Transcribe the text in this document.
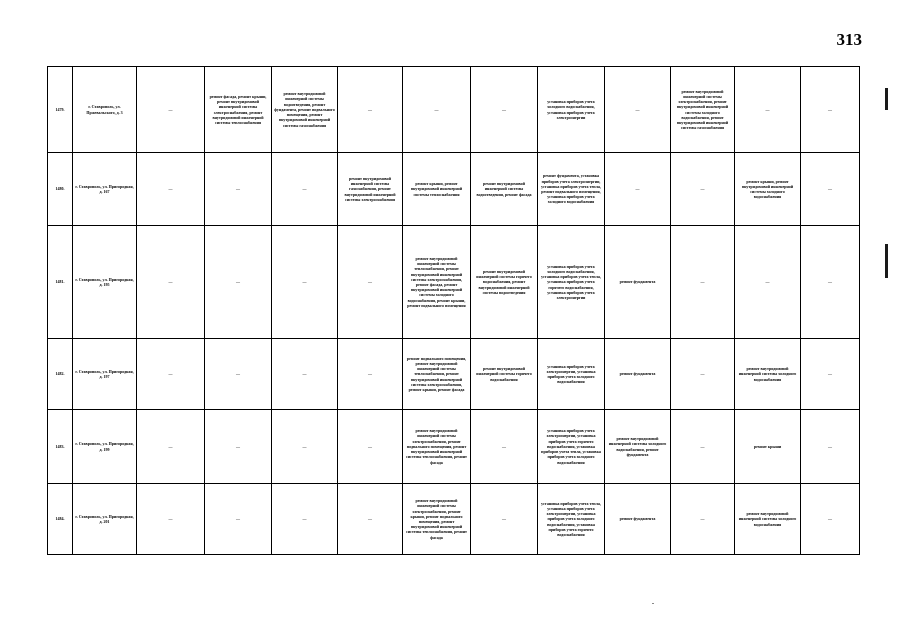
313
1479.	г. Ставрополь, ул. Пржевальского, д. 3	—	ремонт фасада, ремонт крыши, ремонт внутридомовой инженерной системы электроснабжения, ремонт внутридомовой инженерной системы теплоснабжения	ремонт внутридомовой инженерной системы водоотведения, ремонт фундамента, ремонт подвального помещения, ремонт внутридомовой инженерной системы газоснабжения	—	—	—	установка приборов учета холодного водоснабжения, установка приборов учета электроэнергии	—	ремонт внутридомовой инженерной системы электроснабжения, ремонт внутридомовой инженерной системы холодного водоснабжения, ремонт внутридомовой инженерной системы газоснабжения	—	—
1480.	г. Ставрополь, ул. Пригородная, д. 167	—	—	—	ремонт внутридомовой инженерной системы газоснабжения, ремонт внутридомовой инженерной системы электроснабжения	ремонт крыши, ремонт внутридомовой инженерной системы теплоснабжения	ремонт внутридомовой инженерной системы водоотведения, ремонт фасада	ремонт фундамента, установка приборов учета электроэнергии, установка приборов учета тепла, ремонт подвального помещения, установка приборов учета холодного водоснабжения	—	—	ремонт крыши, ремонт внутридомовой инженерной системы холодного водоснабжения	—
1481.	г. Ставрополь, ул. Пригородная, д. 195	—	—	—	—	ремонт внутридомовой инженерной системы теплоснабжения, ремонт внутридомовой инженерной системы электроснабжения, ремонт фасада, ремонт внутридомовой инженерной системы холодного водоснабжения, ремонт крыши, ремонт подвального помещения	ремонт внутридомовой инженерной системы горячего водоснабжения, ремонт внутридомовой инженерной системы водоотведения	установка приборов учета холодного водоснабжения, установка приборов учета тепла, установка приборов учета горячего водоснабжения, установка приборов учета электроэнергии	ремонт фундамента	—	—	—
1482.	г. Ставрополь, ул. Пригородная, д. 197	—	—	—	—	ремонт подвального помещения, ремонт внутридомовой инженерной системы теплоснабжения, ремонт внутридомовой инженерной системы электроснабжения, ремонт крыши, ремонт фасада	ремонт внутридомовой инженерной системы горячего водоснабжения	установка приборов учета электроэнергии, установка приборов учета холодного водоснабжения	ремонт фундамента	—	ремонт внутридомовой инженерной системы холодного водоснабжения	—
1483.	г. Ставрополь, ул. Пригородная, д. 199	—	—	—	—	ремонт внутридомовой инженерной системы электроснабжения, ремонт подвального помещения, ремонт внутридомовой инженерной системы теплоснабжения, ремонт фасада	—	установка приборов учета электроэнергии, установка приборов учета горячего водоснабжения, установка приборов учета тепла, установка приборов учета холодного водоснабжения	ремонт внутридомовой инженерной системы холодного водоснабжения, ремонт фундамента	—	ремонт крыши	—
1484.	г. Ставрополь, ул. Пригородная, д. 201	—	—	—	—	ремонт внутридомовой инженерной системы электроснабжения, ремонт крыши, ремонт подвального помещения, ремонт внутридомовой инженерной системы теплоснабжения, ремонт фасада	—	установка приборов учета тепла, установка приборов учета электроэнергии, установка приборов учета холодного водоснабжения, установка приборов учета горячего водоснабжения	ремонт фундамента	—	ремонт внутридомовой инженерной системы холодного водоснабжения	—
